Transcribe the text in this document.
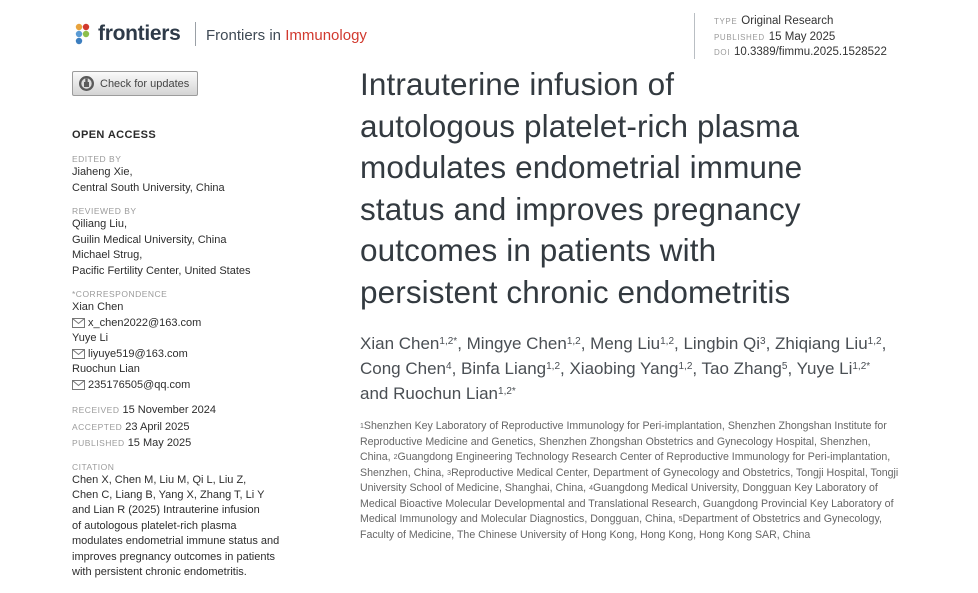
frontiers Frontiers in Immunology
TYPE Original Research
PUBLISHED 15 May 2025
DOI 10.3389/fimmu.2025.1528522
Check for updates
OPEN ACCESS
EDITED BY
Jiaheng Xie,
Central South University, China
REVIEWED BY
Qiliang Liu,
Guilin Medical University, China
Michael Strug,
Pacific Fertility Center, United States
*CORRESPONDENCE
Xian Chen
x_chen2022@163.com
Yuye Li
liyuye519@163.com
Ruochun Lian
235176505@qq.com
RECEIVED 15 November 2024
ACCEPTED 23 April 2025
PUBLISHED 15 May 2025
CITATION
Chen X, Chen M, Liu M, Qi L, Liu Z,
Chen C, Liang B, Yang X, Zhang T, Li Y
and Lian R (2025) Intrauterine infusion
of autologous platelet-rich plasma
modulates endometrial immune status and
improves pregnancy outcomes in patients
with persistent chronic endometritis.
Intrauterine infusion of
autologous platelet-rich plasma
modulates endometrial immune
status and improves pregnancy
outcomes in patients with
persistent chronic endometritis
Xian Chen$^{1,2*}$, Mingye Chen$^{1,2}$, Meng Liu$^{1,2}$, Lingbin Qi$^3$, Zhiqiang Liu$^{1,2}$, Cong Chen$^4$, Binfa Liang$^{1,2}$, Xiaobing Yang$^{1,2}$, Tao Zhang$^5$, Yuye $Li^{1,2*}$ and Ruochun Lian$^{1,2*}$
$^1$Shenzhen Key Laboratory of Reproductive Immunology for Peri-implantation, Shenzhen Zhongshan Institute for Reproductive Medicine and Genetics, Shenzhen Zhongshan Obstetrics and Gynecology Hospital, Shenzhen, China, $^2$Guangdong Engineering Technology Research Center of Reproductive Immunology for Peri-implantation, Shenzhen, China, $^3$Reproductive Medical Center, Department of Gynecology and Obstetrics, Tongji Hospital, Tongji University School of Medicine, Shanghai, China, $^4$Guangdong Medical University, Dongguan Key Laboratory of Medical Bioactive Molecular Developmental and Translational Research, Guangdong Provincial Key Laboratory of Medical Immunology and Molecular Diagnostics, Dongguan, China, $^5$Department of Obstetrics and Gynecology, Faculty of Medicine, The Chinese University of Hong Kong, Hong Kong, Hong Kong SAR, China
